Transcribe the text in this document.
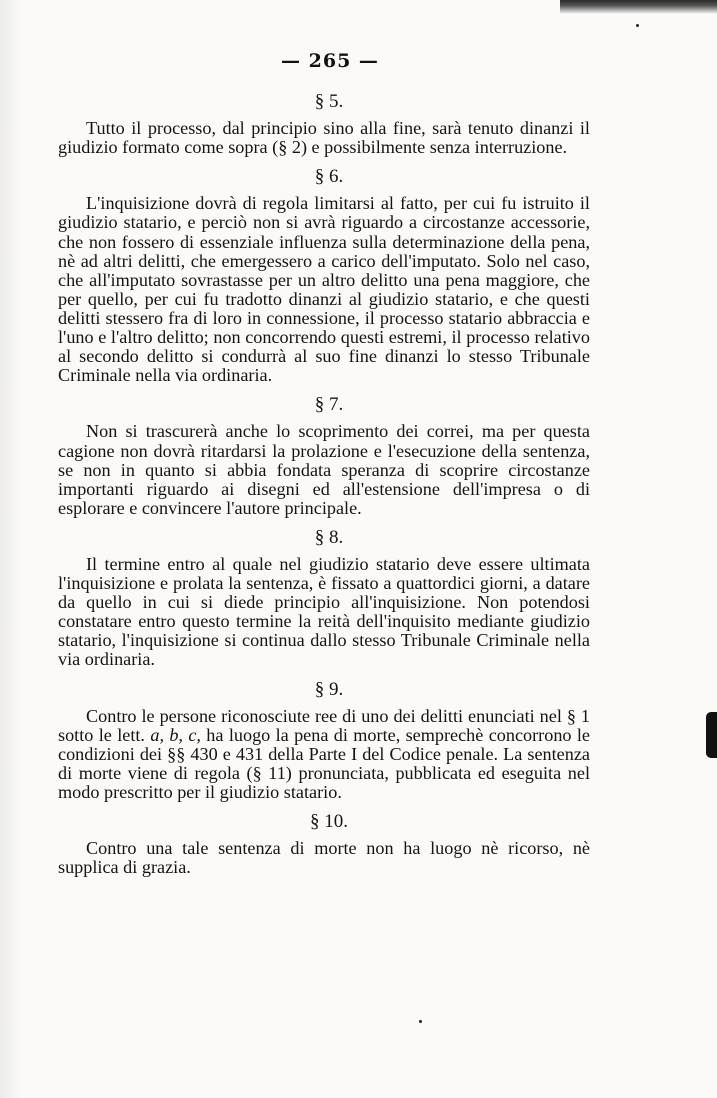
— 265 —
§ 5.

Tutto il processo, dal principio sino alla fine, sarà tenuto dinanzi il giudizio formato come sopra (§ 2) e possibilmente senza interruzione.

§ 6.

L'inquisizione dovrà di regola limitarsi al fatto, per cui fu istruito il giudizio statario, e perciò non si avrà riguardo a circostanze accessorie, che non fossero di essenziale influenza sulla determinazione della pena, nè ad altri delitti, che emergessero a carico dell'imputato. Solo nel caso, che all'imputato sovrastasse per un altro delitto una pena maggiore, che per quello, per cui fu tradotto dinanzi al giudizio statario, e che questi delitti stessero fra di loro in connessione, il processo statario abbraccia e l'uno e l'altro delitto; non concorrendo questi estremi, il processo relativo al secondo delitto si condurrà al suo fine dinanzi lo stesso Tribunale Criminale nella via ordinaria.

§ 7.

Non si trascurerà anche lo scoprimento dei correi, ma per questa cagione non dovrà ritardarsi la prolazione e l'esecuzione della sentenza, se non in quanto si abbia fondata speranza di scoprire circostanze importanti riguardo ai disegni ed all'estensione dell'impresa o di esplorare e convincere l'autore principale.

§ 8.

Il termine entro al quale nel giudizio statario deve essere ultimata l'inquisizione e prolata la sentenza, è fissato a quattordici giorni, a datare da quello in cui si diede principio all'inquisizione. Non potendosi constatare entro questo termine la reità dell'inquisito mediante giudizio statario, l'inquisizione si continua dallo stesso Tribunale Criminale nella via ordinaria.

§ 9.

Contro le persone riconosciute ree di uno dei delitti enunciati nel § 1 sotto le lett. a, b, c, ha luogo la pena di morte, semprechè concorrono le condizioni dei §§ 430 e 431 della Parte I del Codice penale. La sentenza di morte viene di regola (§ 11) pronunciata, pubblicata ed eseguita nel modo prescritto per il giudizio statario.

§ 10.

Contro una tale sentenza di morte non ha luogo nè ricorso, nè supplica di grazia.
